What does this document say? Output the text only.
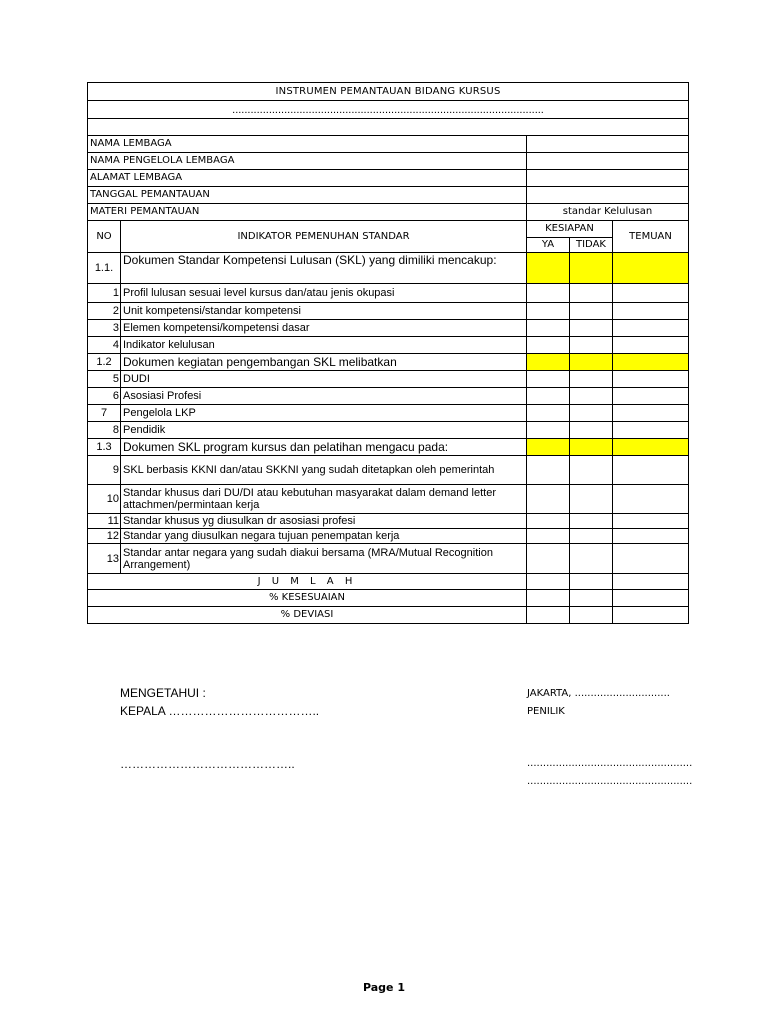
INSTRUMEN PEMANTAUAN BIDANG KURSUS				
......................................................................................................				

NAMA LEMBAGA				
NAMA PENGELOLA LEMBAGA				
ALAMAT LEMBAGA				
TANGGAL PEMANTAUAN				
MATERI PEMANTAUAN		standar Kelulusan		
NO	INDIKATOR PEMENUHAN STANDAR	KESIAPAN		TEMUAN
		YA	TIDAK	
1.1.	Dokumen Standar Kompetensi Lulusan (SKL) yang dimiliki mencakup:			
1	Profil lulusan sesuai level kursus dan/atau jenis okupasi			
2	Unit kompetensi/standar kompetensi			
3	Elemen kompetensi/kompetensi dasar			
4	Indikator kelulusan			
1.2	Dokumen kegiatan pengembangan SKL melibatkan			
5	DUDI			
6	Asosiasi Profesi			
7	Pengelola LKP			
8	Pendidik			
1.3	Dokumen SKL program kursus dan pelatihan mengacu pada:			
9	SKL berbasis KKNI dan/atau SKKNI yang sudah ditetapkan oleh pemerintah			
10	Standar khusus dari DU/DI atau kebutuhan masyarakat dalam demand letter attachmen/permintaan kerja			
11	Standar khusus yg diusulkan dr asosiasi profesi			
12	Standar yang diusulkan negara tujuan penempatan kerja			
13	Standar antar negara yang sudah diakui bersama (MRA/Mutual Recognition Arrangement)			
J U M L A H				
% KESESUAIAN				
% DEVIASI				
MENGETAHUI :
KEPALA ………………………………..
……………………………………..
JAKARTA, ..............................
PENILIK
....................................................
....................................................
Page 1
